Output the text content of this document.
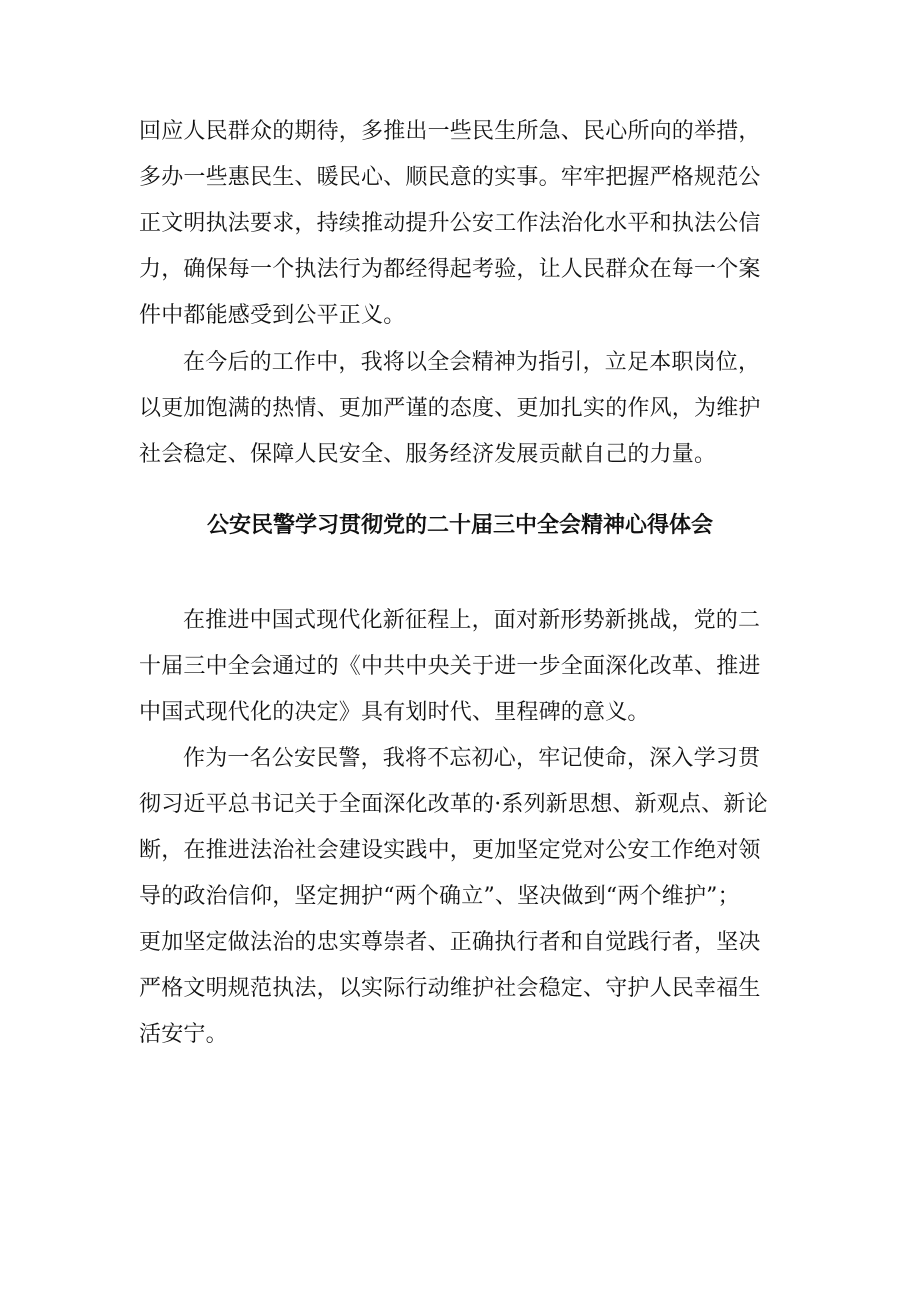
回应人民群众的期待，多推出一些民生所急、民心所向的举措，
多办一些惠民生、暖民心、顺民意的实事。牢牢把握严格规范公
正文明执法要求，持续推动提升公安工作法治化水平和执法公信
力，确保每一个执法行为都经得起考验，让人民群众在每一个案
件中都能感受到公平正义。
在今后的工作中，我将以全会精神为指引，立足本职岗位，
以更加饱满的热情、更加严谨的态度、更加扎实的作风，为维护
社会稳定、保障人民安全、服务经济发展贡献自己的力量。
公安民警学习贯彻党的二十届三中全会精神心得体会
在推进中国式现代化新征程上，面对新形势新挑战，党的二
十届三中全会通过的《中共中央关于进一步全面深化改革、推进
中国式现代化的决定》具有划时代、里程碑的意义。
作为一名公安民警，我将不忘初心，牢记使命，深入学习贯
彻习近平总书记关于全面深化改革的·系列新思想、新观点、新论
断，在推进法治社会建设实践中，更加坚定党对公安工作绝对领
导的政治信仰，坚定拥护“两个确立”、坚决做到“两个维护”；
更加坚定做法治的忠实尊崇者、正确执行者和自觉践行者，坚决
严格文明规范执法，以实际行动维护社会稳定、守护人民幸福生
活安宁。
